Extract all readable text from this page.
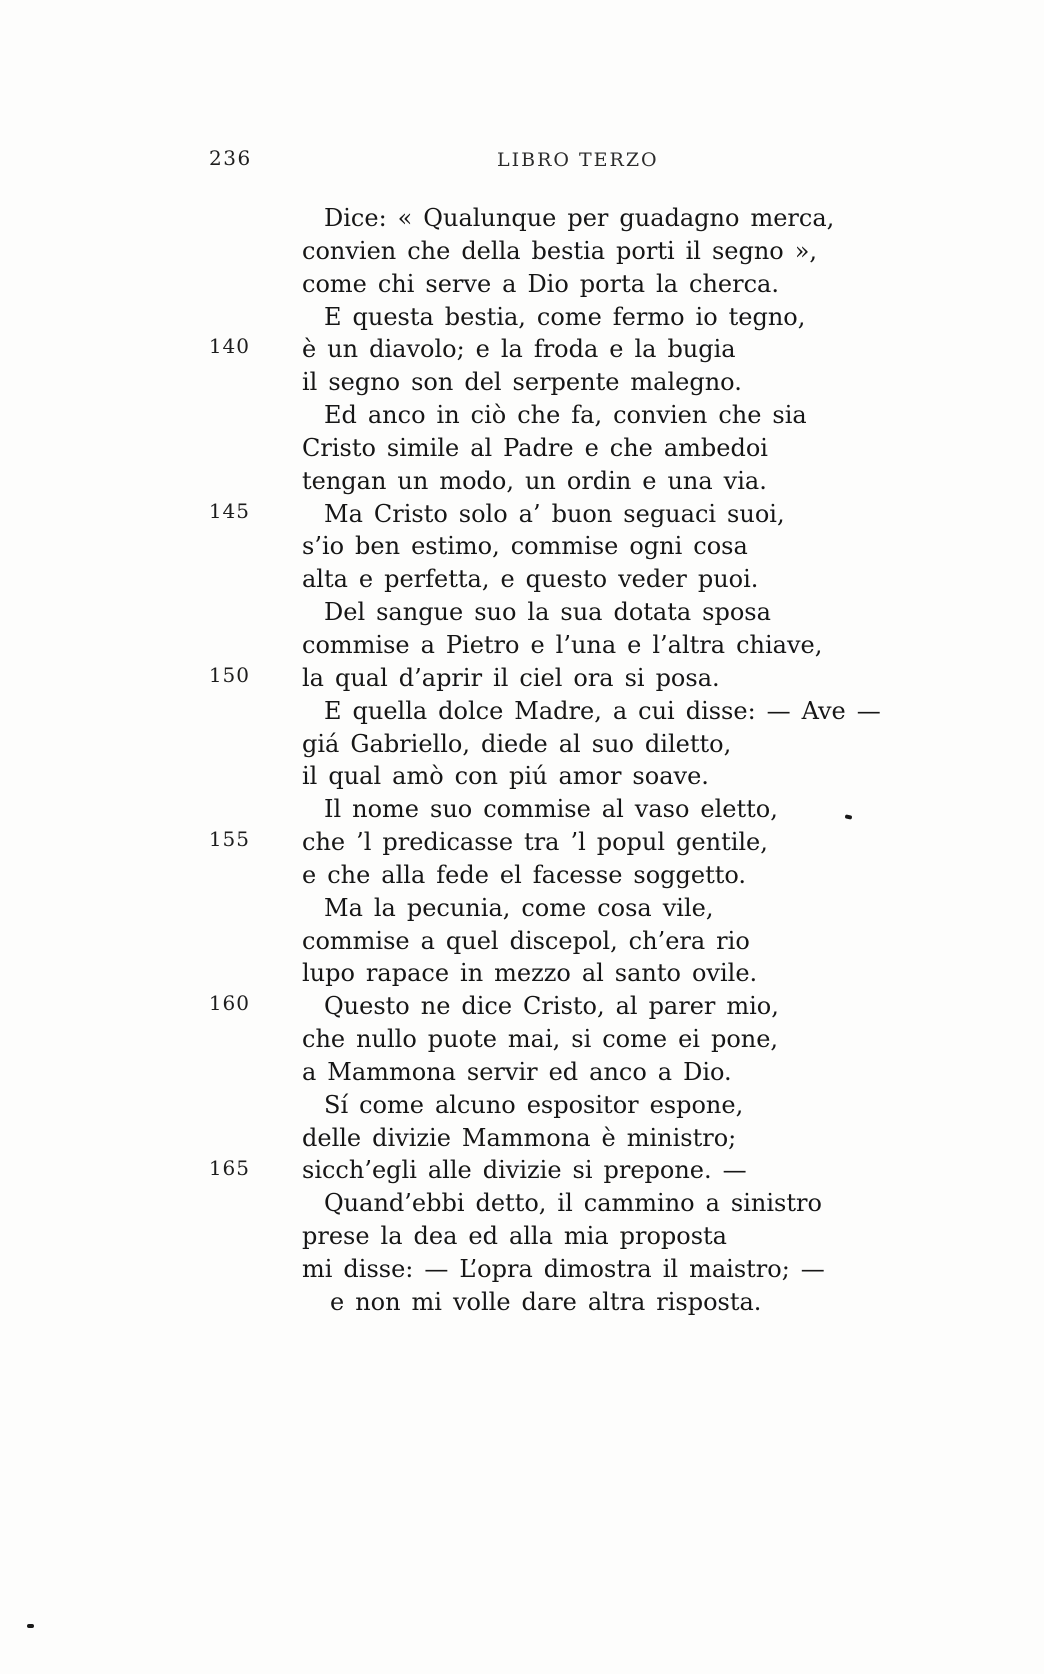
236	LIBRO TERZO
Dice: « Qualunque per guadagno merca,
convien che della bestia porti il segno »,
come chi serve a Dio porta la cherca.
E questa bestia, come fermo io tegno,
è un diavolo; e la froda e la bugia
il segno son del serpente malegno.
Ed anco in ciò che fa, convien che sia
Cristo simile al Padre e che ambedoi
tengan un modo, un ordin e una via.
Ma Cristo solo a’ buon seguaci suoi,
s’io ben estimo, commise ogni cosa
alta e perfetta, e questo veder puoi.
Del sangue suo la sua dotata sposa
commise a Pietro e l’una e l’altra chiave,
la qual d’aprir il ciel ora si posa.
E quella dolce Madre, a cui disse: — Ave —
giá Gabriello, diede al suo diletto,
il qual amò con piú amor soave.
Il nome suo commise al vaso eletto,
che ’l predicasse tra ’l popul gentile,
e che alla fede el facesse soggetto.
Ma la pecunia, come cosa vile,
commise a quel discepol, ch’era rio
lupo rapace in mezzo al santo ovile.
Questo ne dice Cristo, al parer mio,
che nullo puote mai, si come ei pone,
a Mammona servir ed anco a Dio.
Sí come alcuno espositor espone,
delle divizie Mammona è ministro;
sicch’egli alle divizie si prepone. —
Quand’ebbi detto, il cammino a sinistro
prese la dea ed alla mia proposta
mi disse: — L’opra dimostra il maistro; —
e non mi volle dare altra risposta.
140
145
150
155
160
165
